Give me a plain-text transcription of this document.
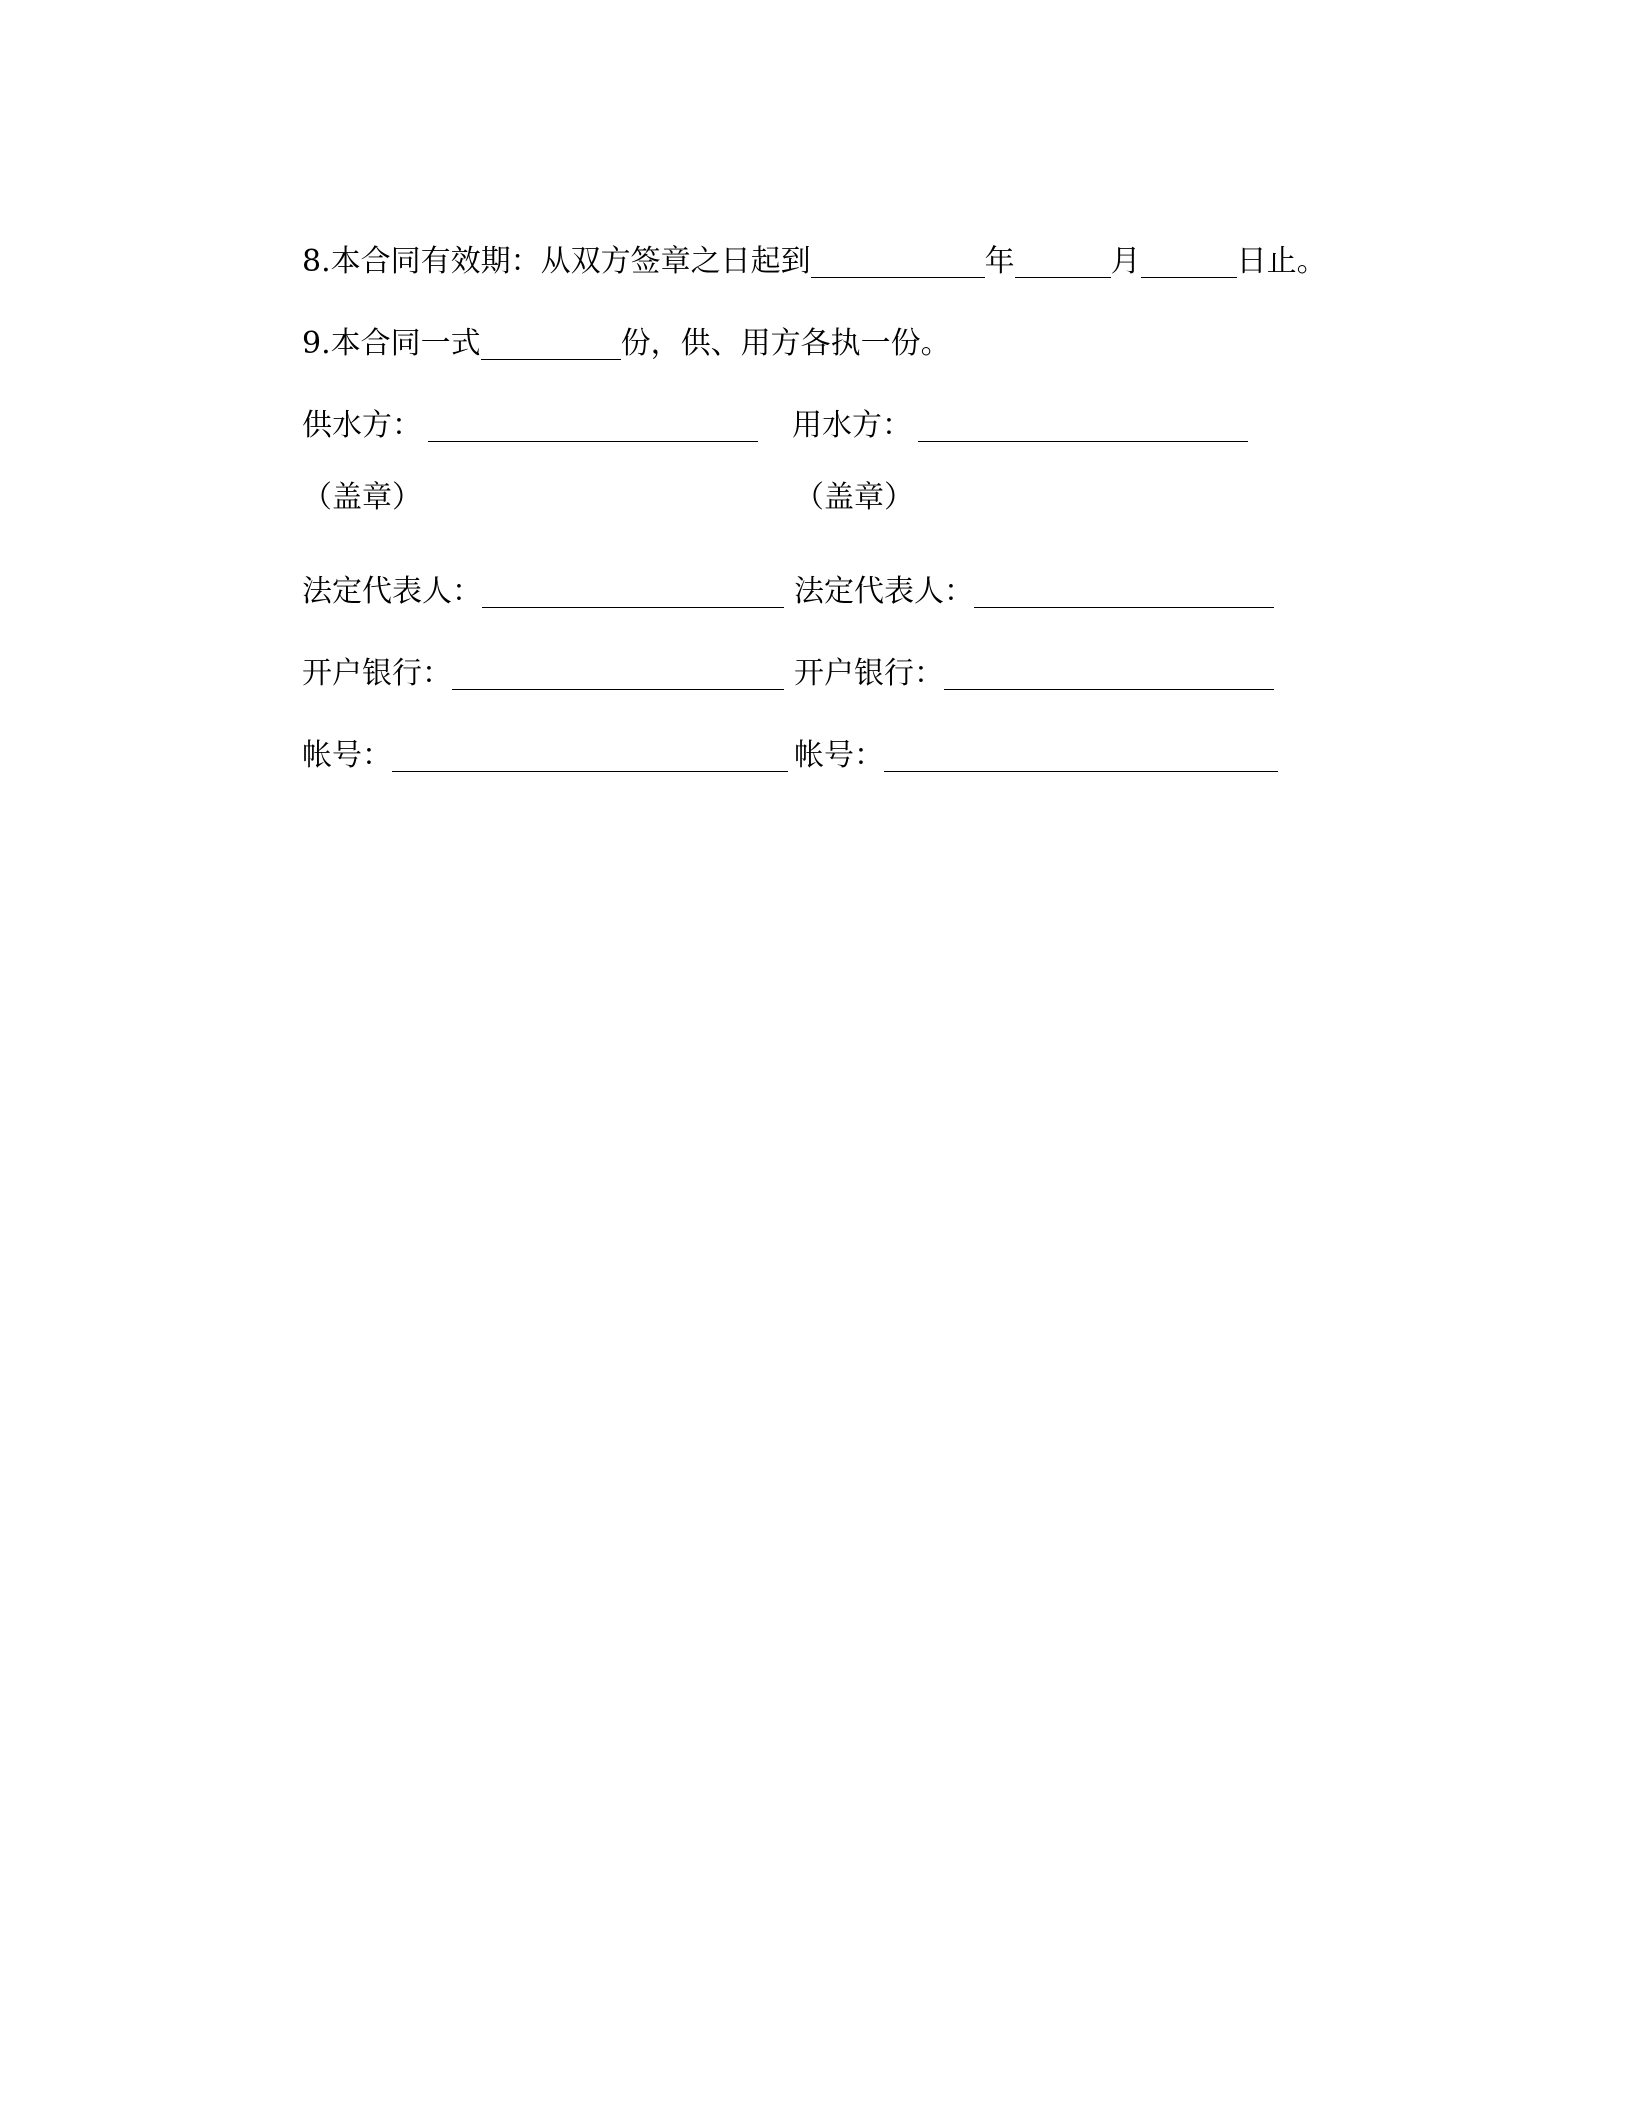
8.本合同有效期：从双方签章之日起到	年	月	日止。
9.本合同一式	份，供、用方各执一份。
供水方：	用水方：
（盖章）	（盖章）
法定代表人：	法定代表人：
开户银行：	开户银行：
帐号：	帐号：
